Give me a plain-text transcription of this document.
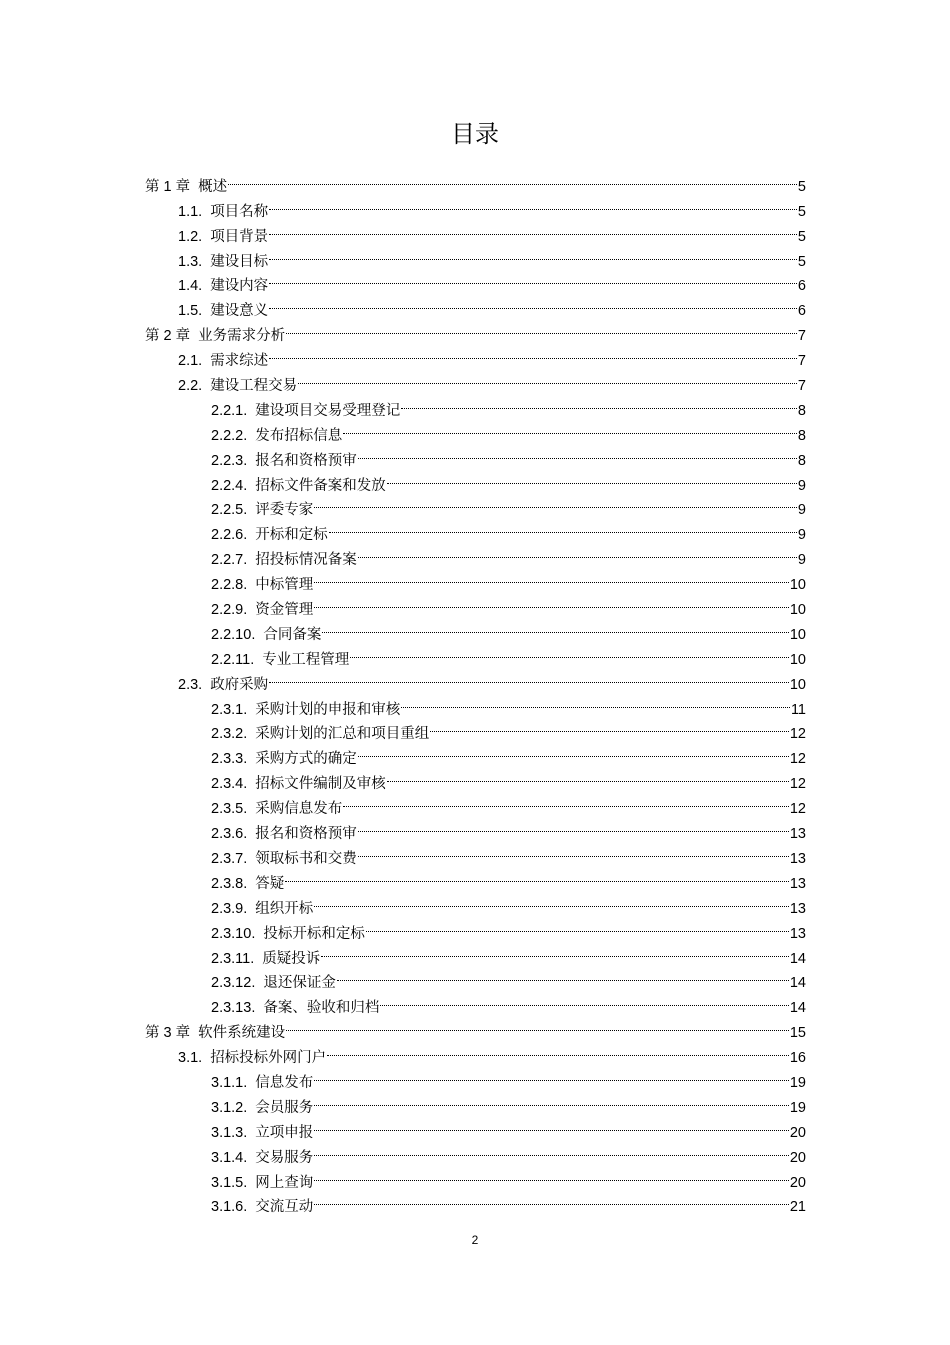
目录
第 1 章 概述	5
1.1. 项目名称	5
1.2. 项目背景	5
1.3. 建设目标	5
1.4. 建设内容	6
1.5. 建设意义	6
第 2 章 业务需求分析	7
2.1. 需求综述	7
2.2. 建设工程交易	7
2.2.1. 建设项目交易受理登记	8
2.2.2. 发布招标信息	8
2.2.3. 报名和资格预审	8
2.2.4. 招标文件备案和发放	9
2.2.5. 评委专家	9
2.2.6. 开标和定标	9
2.2.7. 招投标情况备案	9
2.2.8. 中标管理	10
2.2.9. 资金管理	10
2.2.10. 合同备案	10
2.2.11. 专业工程管理	10
2.3. 政府采购	10
2.3.1. 采购计划的申报和审核	11
2.3.2. 采购计划的汇总和项目重组	12
2.3.3. 采购方式的确定	12
2.3.4. 招标文件编制及审核	12
2.3.5. 采购信息发布	12
2.3.6. 报名和资格预审	13
2.3.7. 领取标书和交费	13
2.3.8. 答疑	13
2.3.9. 组织开标	13
2.3.10. 投标开标和定标	13
2.3.11. 质疑投诉	14
2.3.12. 退还保证金	14
2.3.13. 备案、验收和归档	14
第 3 章 软件系统建设	15
3.1. 招标投标外网门户	16
3.1.1. 信息发布	19
3.1.2. 会员服务	19
3.1.3. 立项申报	20
3.1.4. 交易服务	20
3.1.5. 网上查询	20
3.1.6. 交流互动	21
2
